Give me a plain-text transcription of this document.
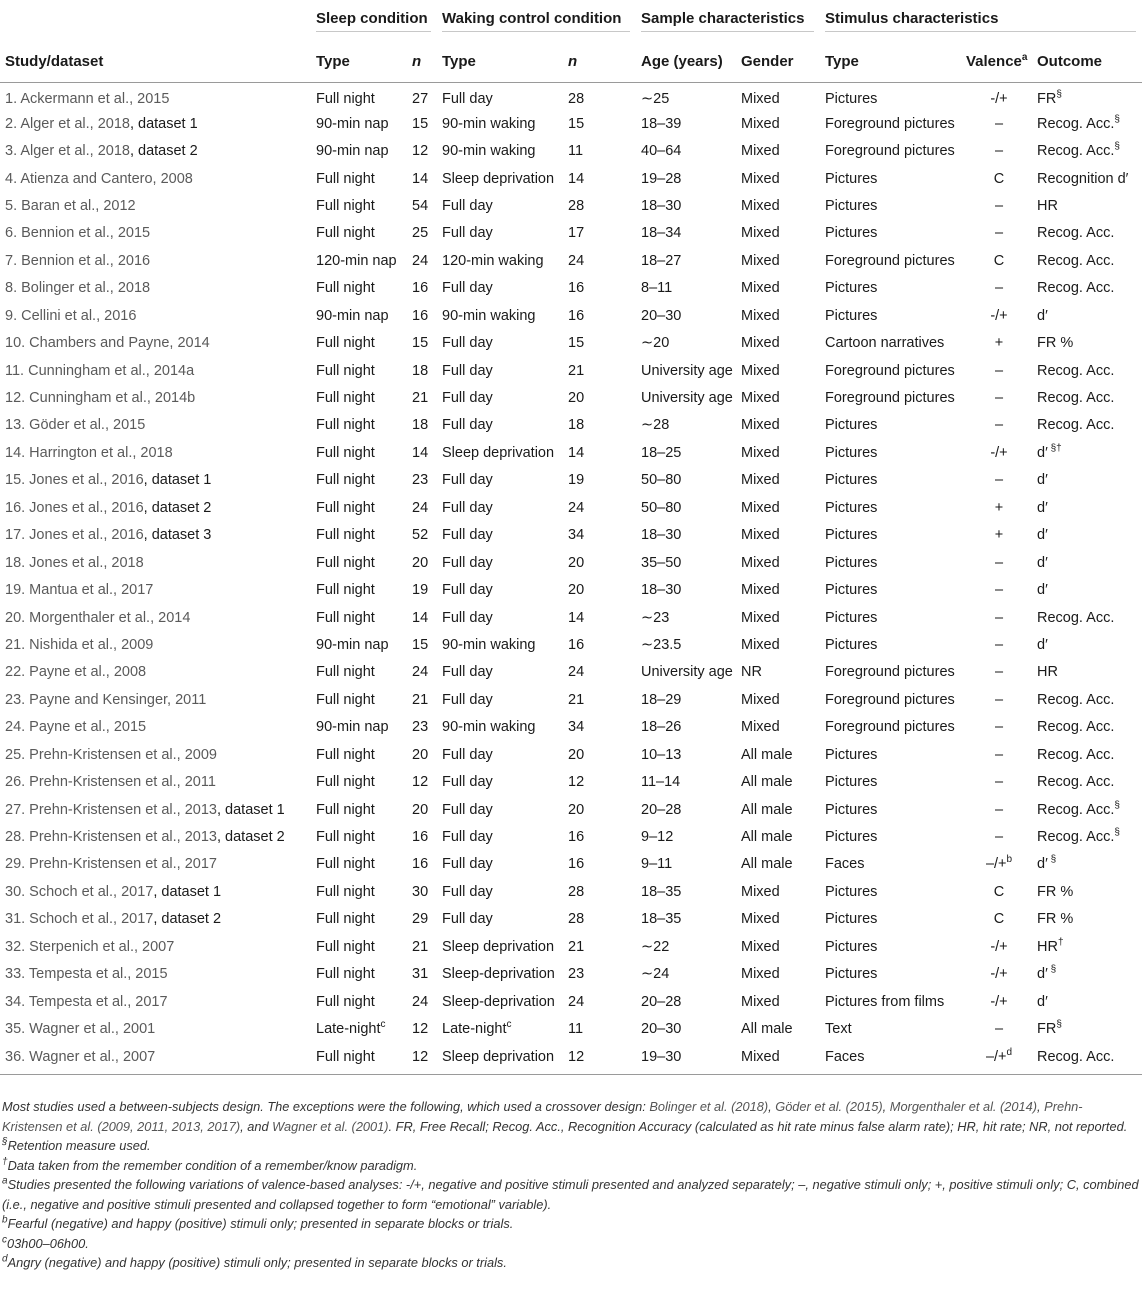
	Sleep condition		Waking control condition		Sample characteristics		Stimulus characteristics		

Study/dataset	Type	n	Type	n	Age (years)	Gender	Type	Valence$^a$	Outcome
1. Ackermann et al., 2015	Full night	27	Full day	28	∼25	Mixed	Pictures	-/+	FR§
2. Alger et al., 2018, dataset 1	90-min nap	15	90-min waking	15	18–39	Mixed	Foreground pictures	–	Recog. Acc.§
3. Alger et al., 2018, dataset 2	90-min nap	12	90-min waking	11	40–64	Mixed	Foreground pictures	–	Recog. Acc.§
4. Atienza and Cantero, 2008	Full night	14	Sleep deprivation	14	19–28	Mixed	Pictures	C	Recognition d′
5. Baran et al., 2012	Full night	54	Full day	28	18–30	Mixed	Pictures	–	HR
6. Bennion et al., 2015	Full night	25	Full day	17	18–34	Mixed	Pictures	–	Recog. Acc.
7. Bennion et al., 2016	120-min nap	24	120-min waking	24	18–27	Mixed	Foreground pictures	C	Recog. Acc.
8. Bolinger et al., 2018	Full night	16	Full day	16	8–11	Mixed	Pictures	–	Recog. Acc.
9. Cellini et al., 2016	90-min nap	16	90-min waking	16	20–30	Mixed	Pictures	-/+	d′
10. Chambers and Payne, 2014	Full night	15	Full day	15	∼20	Mixed	Cartoon narratives	+	FR %
11. Cunningham et al., 2014a	Full night	18	Full day	21	University age	Mixed	Foreground pictures	–	Recog. Acc.
12. Cunningham et al., 2014b	Full night	21	Full day	20	University age	Mixed	Foreground pictures	–	Recog. Acc.
13. Göder et al., 2015	Full night	18	Full day	18	∼28	Mixed	Pictures	–	Recog. Acc.
14. Harrington et al., 2018	Full night	14	Sleep deprivation	14	18–25	Mixed	Pictures	-/+	d′ §†
15. Jones et al., 2016, dataset 1	Full night	23	Full day	19	50–80	Mixed	Pictures	–	d′
16. Jones et al., 2016, dataset 2	Full night	24	Full day	24	50–80	Mixed	Pictures	+	d′
17. Jones et al., 2016, dataset 3	Full night	52	Full day	34	18–30	Mixed	Pictures	+	d′
18. Jones et al., 2018	Full night	20	Full day	20	35–50	Mixed	Pictures	–	d′
19. Mantua et al., 2017	Full night	19	Full day	20	18–30	Mixed	Pictures	–	d′
20. Morgenthaler et al., 2014	Full night	14	Full day	14	∼23	Mixed	Pictures	–	Recog. Acc.
21. Nishida et al., 2009	90-min nap	15	90-min waking	16	∼23.5	Mixed	Pictures	–	d′
22. Payne et al., 2008	Full night	24	Full day	24	University age	NR	Foreground pictures	–	HR
23. Payne and Kensinger, 2011	Full night	21	Full day	21	18–29	Mixed	Foreground pictures	–	Recog. Acc.
24. Payne et al., 2015	90-min nap	23	90-min waking	34	18–26	Mixed	Foreground pictures	–	Recog. Acc.
25. Prehn-Kristensen et al., 2009	Full night	20	Full day	20	10–13	All male	Pictures	–	Recog. Acc.
26. Prehn-Kristensen et al., 2011	Full night	12	Full day	12	11–14	All male	Pictures	–	Recog. Acc.
27. Prehn-Kristensen et al., 2013, dataset 1	Full night	20	Full day	20	20–28	All male	Pictures	–	Recog. Acc.§
28. Prehn-Kristensen et al., 2013, dataset 2	Full night	16	Full day	16	9–12	All male	Pictures	–	Recog. Acc.§
29. Prehn-Kristensen et al., 2017	Full night	16	Full day	16	9–11	All male	Faces	–/+$^b$	d′ §
30. Schoch et al., 2017, dataset 1	Full night	30	Full day	28	18–35	Mixed	Pictures	C	FR %
31. Schoch et al., 2017, dataset 2	Full night	29	Full day	28	18–35	Mixed	Pictures	C	FR %
32. Sterpenich et al., 2007	Full night	21	Sleep deprivation	21	∼22	Mixed	Pictures	-/+	HR†
33. Tempesta et al., 2015	Full night	31	Sleep-deprivation	23	∼24	Mixed	Pictures	-/+	d′ §
34. Tempesta et al., 2017	Full night	24	Sleep-deprivation	24	20–28	Mixed	Pictures from films	-/+	d′
35. Wagner et al., 2001	Late-night$^c$	12	Late-night$^c$	11	20–30	All male	Text	–	FR§
36. Wagner et al., 2007	Full night	12	Sleep deprivation	12	19–30	Mixed	Faces	–/+$^d$	Recog. Acc.

Most studies used a between-subjects design. The exceptions were the following, which used a crossover design: Bolinger et al. (2018), Göder et al. (2015), Morgenthaler et al. (2014), Prehn-Kristensen et al. (2009, 2011, 2013, 2017), and Wagner et al. (2001). FR, Free Recall; Recog. Acc., Recognition Accuracy (calculated as hit rate minus false alarm rate); HR, hit rate; NR, not reported.

§Retention measure used.

†Data taken from the remember condition of a remember/know paradigm.

$^a$Studies presented the following variations of valence-based analyses: -/+, negative and positive stimuli presented and analyzed separately; –, negative stimuli only; +, positive stimuli only; C, combined (i.e., negative and positive stimuli presented and collapsed together to form “emotional” variable).

$^b$Fearful (negative) and happy (positive) stimuli only; presented in separate blocks or trials.

$^c$03h00–06h00.

$^d$Angry (negative) and happy (positive) stimuli only; presented in separate blocks or trials.
